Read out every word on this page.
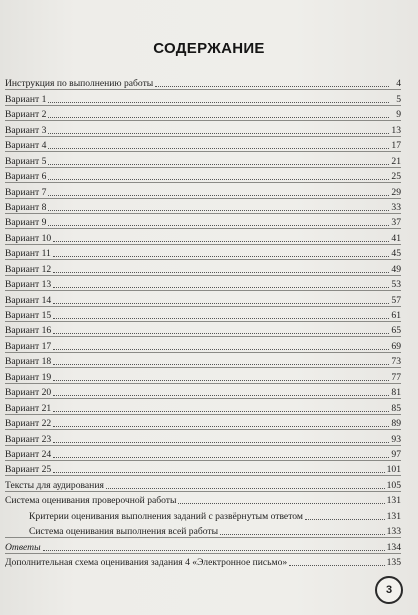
СОДЕРЖАНИЕ
Инструкция по выполнению работы	4
Вариант 1	5
Вариант 2	9
Вариант 3	13
Вариант 4	17
Вариант 5	21
Вариант 6	25
Вариант 7	29
Вариант 8	33
Вариант 9	37
Вариант 10	41
Вариант 11	45
Вариант 12	49
Вариант 13	53
Вариант 14	57
Вариант 15	61
Вариант 16	65
Вариант 17	69
Вариант 18	73
Вариант 19	77
Вариант 20	81
Вариант 21	85
Вариант 22	89
Вариант 23	93
Вариант 24	97
Вариант 25	101
Тексты для аудирования	105
Система оценивания проверочной работы	131
Критерии оценивания выполнения заданий с развёрнутым ответом	131
Система оценивания выполнения всей работы	133
Ответы	134
Дополнительная схема оценивания задания 4 «Электронное письмо»	135
3
